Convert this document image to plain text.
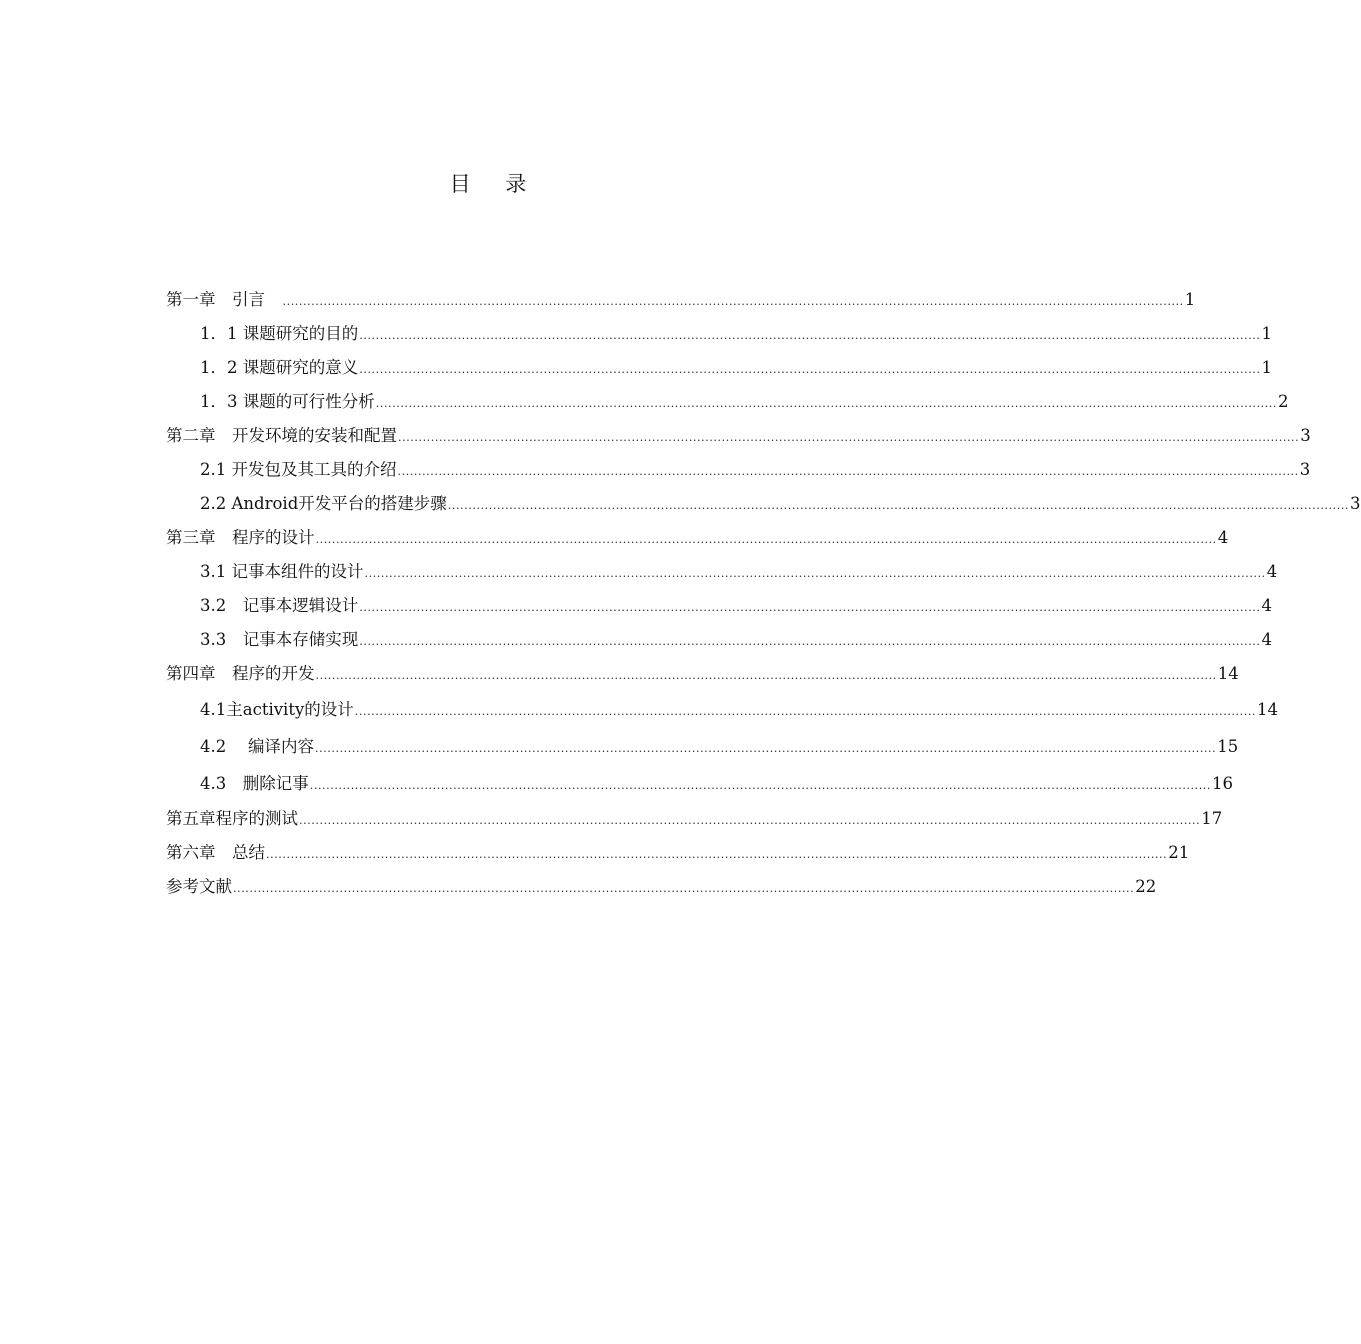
目 录
第一章　引言　 ............................................................................................................................................................................................................................ 1
1．1 课题研究的目的 ............................................................................................................................................................................................................................ 1
1．2 课题研究的意义 ............................................................................................................................................................................................................................ 1
1．3 课题的可行性分析 ............................................................................................................................................................................................................................ 2
第二章　开发环境的安装和配置 ............................................................................................................................................................................................................................ 3
2.1 开发包及其工具的介绍 ............................................................................................................................................................................................................................ 3
2.2 Android开发平台的搭建步骤 ............................................................................................................................................................................................................................ 3
第三章　程序的设计 ............................................................................................................................................................................................................................ 4
3.1 记事本组件的设计 ............................................................................................................................................................................................................................ 4
3.2　记事本逻辑设计 ............................................................................................................................................................................................................................ 4
3.3　记事本存储实现 ............................................................................................................................................................................................................................ 4
第四章　程序的开发 ............................................................................................................................................................................................................................ 14
4.1主activity的设计 ............................................................................................................................................................................................................................ 14
4.2　 编译内容 ............................................................................................................................................................................................................................ 15
4.3　删除记事 ............................................................................................................................................................................................................................ 16
第五章程序的测试 ............................................................................................................................................................................................................................ 17
第六章　总结 ............................................................................................................................................................................................................................ 21
参考文献 ............................................................................................................................................................................................................................ 22
